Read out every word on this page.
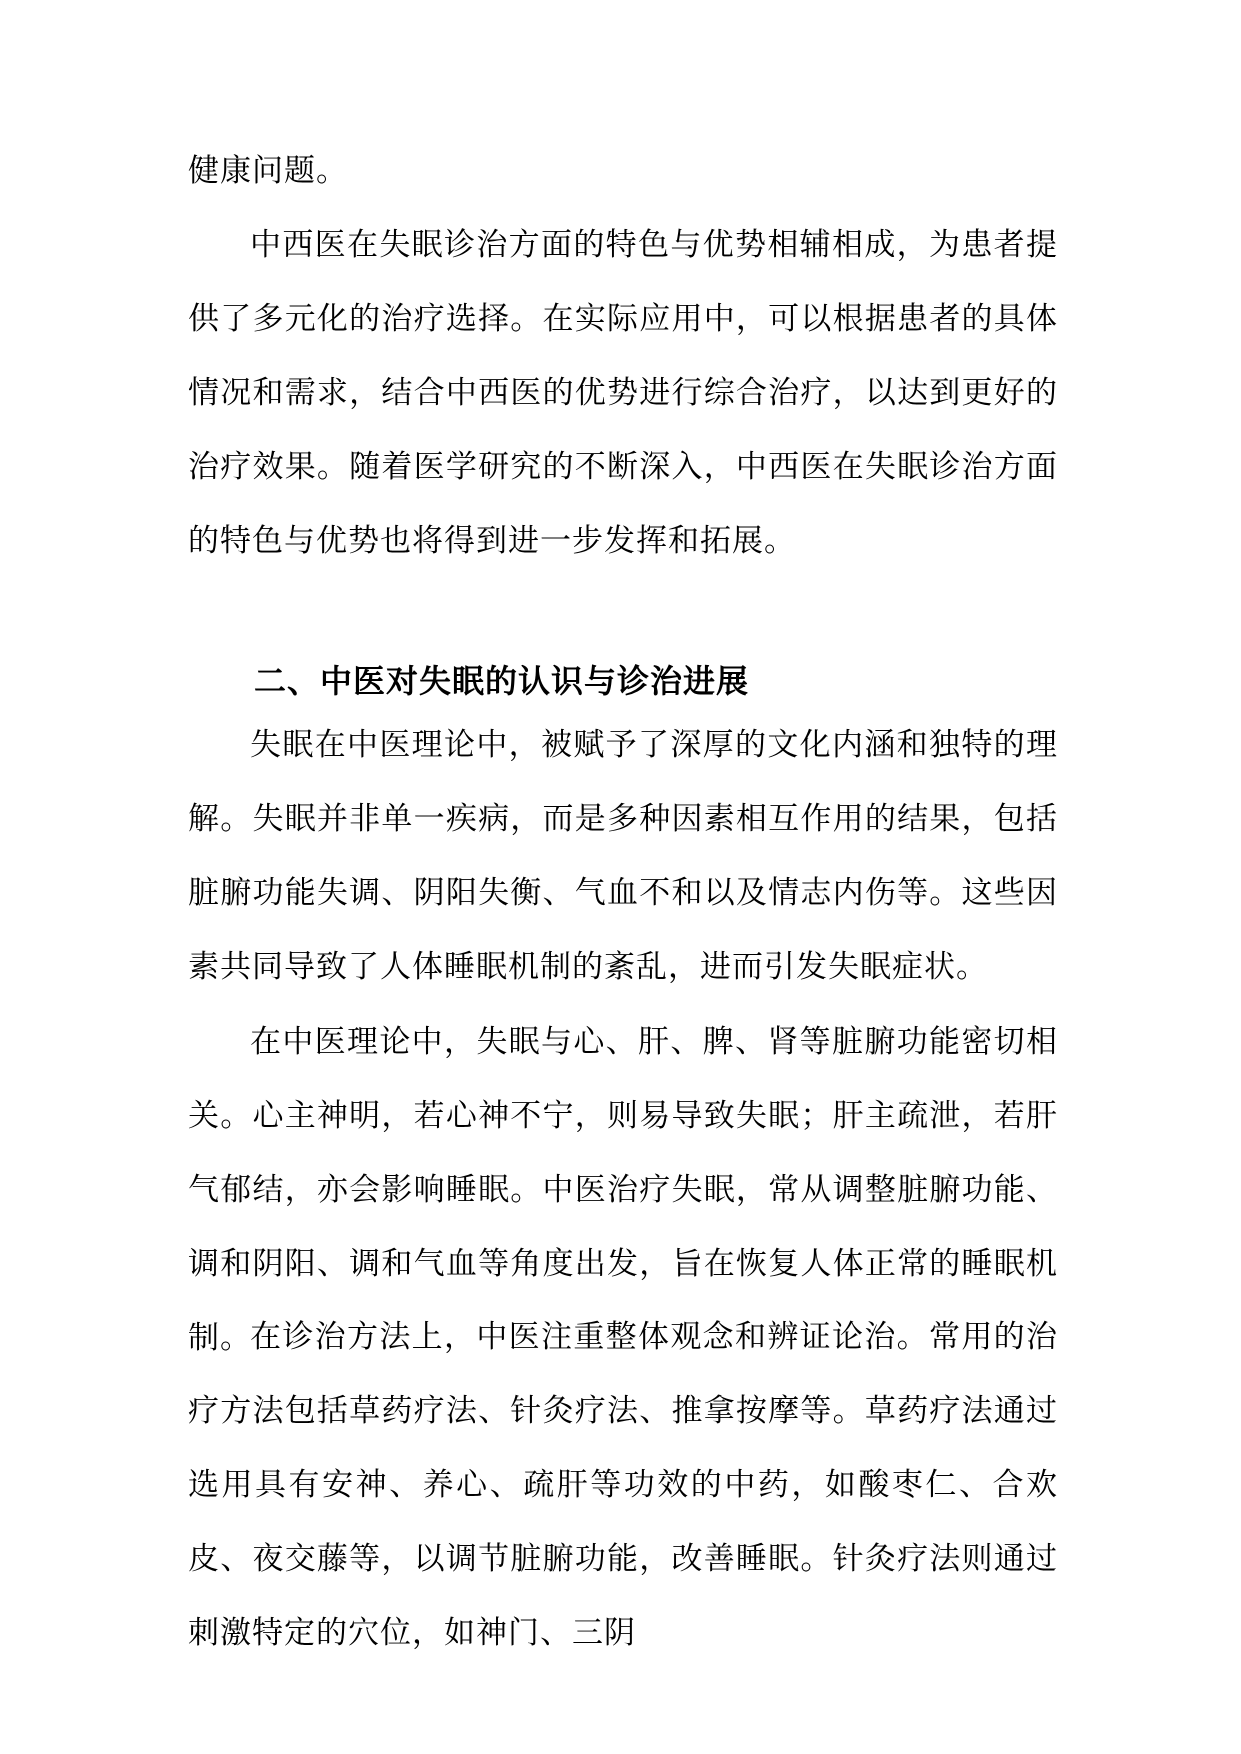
健康问题。

中西医在失眠诊治方面的特色与优势相辅相成，为患者提供了多元化的治疗选择。在实际应用中，可以根据患者的具体情况和需求，结合中西医的优势进行综合治疗，以达到更好的治疗效果。随着医学研究的不断深入，中西医在失眠诊治方面的特色与优势也将得到进一步发挥和拓展。

二、中医对失眠的认识与诊治进展

失眠在中医理论中，被赋予了深厚的文化内涵和独特的理解。失眠并非单一疾病，而是多种因素相互作用的结果，包括脏腑功能失调、阴阳失衡、气血不和以及情志内伤等。这些因素共同导致了人体睡眠机制的紊乱，进而引发失眠症状。

在中医理论中，失眠与心、肝、脾、肾等脏腑功能密切相关。心主神明，若心神不宁，则易导致失眠；肝主疏泄，若肝气郁结，亦会影响睡眠。中医治疗失眠，常从调整脏腑功能、调和阴阳、调和气血等角度出发，旨在恢复人体正常的睡眠机制。

在诊治方法上，中医注重整体观念和辨证论治。常用的治疗方法包括草药疗法、针灸疗法、推拿按摩等。草药疗法通过选用具有安神、养心、疏肝等功效的中药，如酸枣仁、合欢皮、夜交藤等，以调节脏腑功能，改善睡眠。针灸疗法则通过刺激特定的穴位，如神门、三阴
